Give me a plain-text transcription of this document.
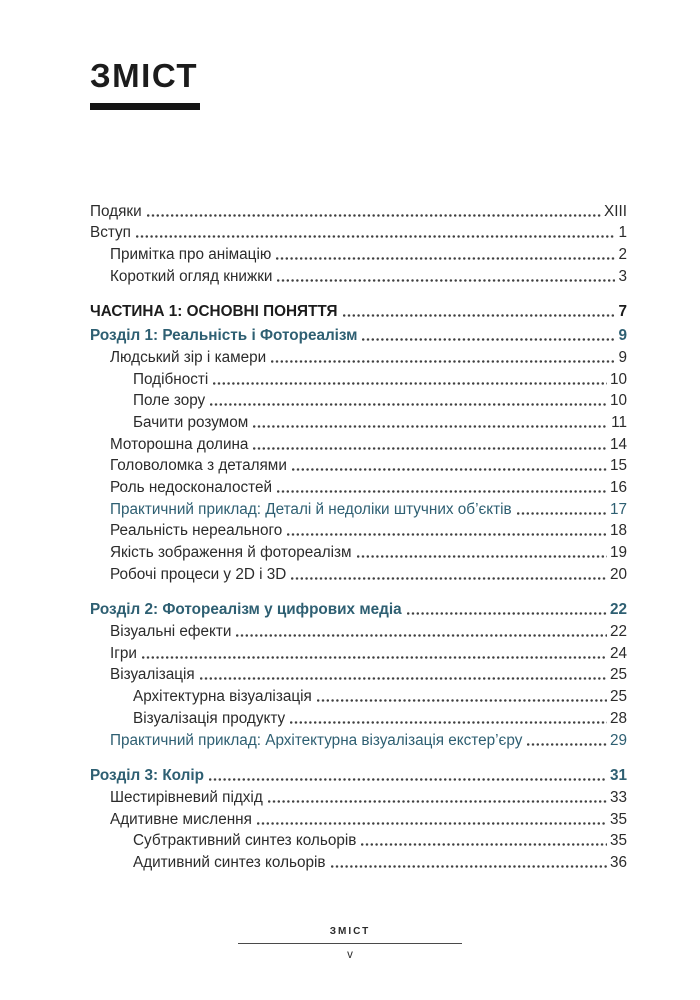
ЗМІСТ
Подяки	XIII
Вступ	1
Примітка про анімацію	2
Короткий огляд книжки	3
ЧАСТИНА 1: ОСНОВНІ ПОНЯТТЯ	7
Розділ 1: Реальність і Фотореалізм	9
Людський зір і камери	9
Подібності	10
Поле зору	10
Бачити розумом	11
Моторошна долина	14
Головоломка з деталями	15
Роль недосконалостей	16
Практичний приклад: Деталі й недоліки штучних об’єктів	17
Реальність нереального	18
Якість зображення й фотореалізм	19
Робочі процеси у 2D і 3D	20
Розділ 2: Фотореалізм у цифрових медіа	22
Візуальні ефекти	22
Ігри	24
Візуалізація	25
Архітектурна візуалізація	25
Візуалізація продукту	28
Практичний приклад: Архітектурна візуалізація екстер’єру	29
Розділ 3: Колір	31
Шестирівневий підхід	33
Адитивне мислення	35
Субтрактивний синтез кольорів	35
Адитивний синтез кольорів	36
ЗМІСТ
v
